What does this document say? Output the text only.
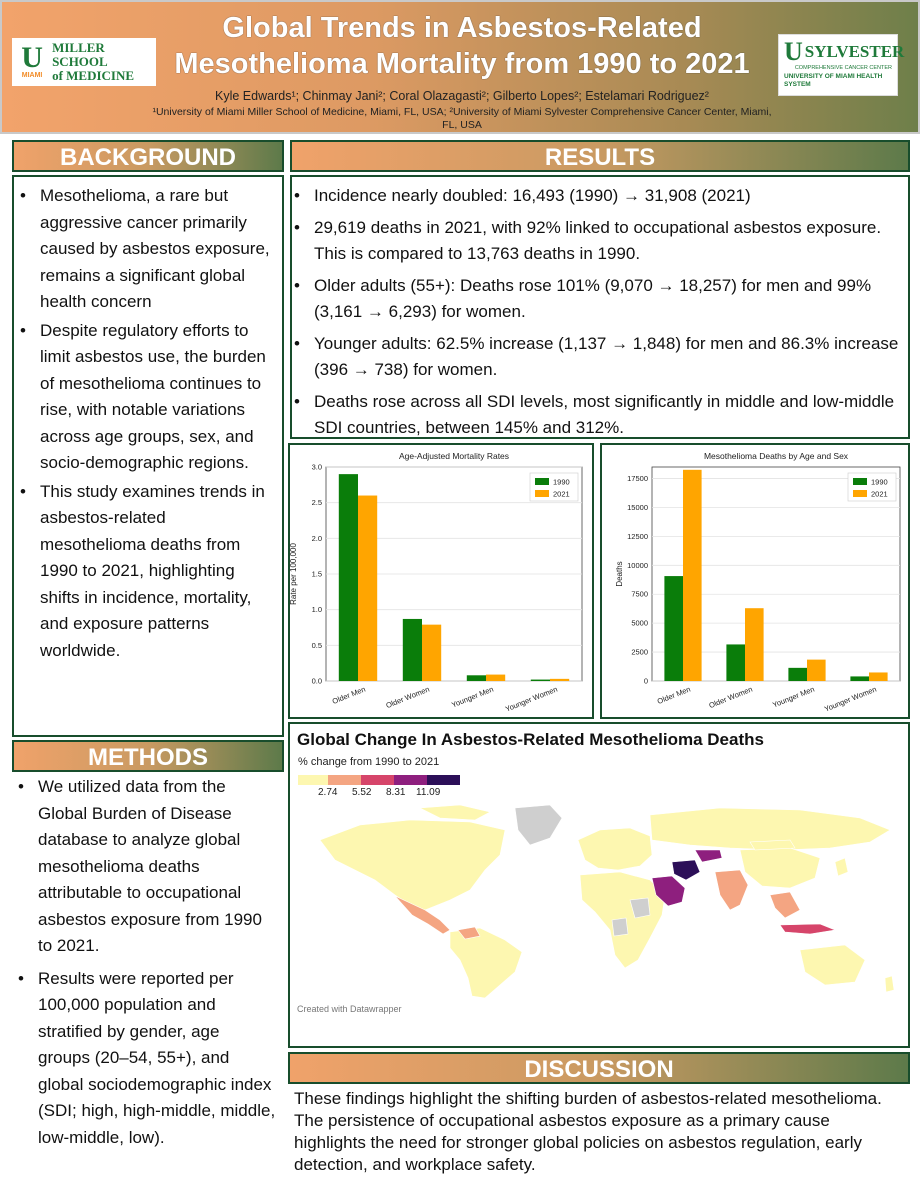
U
MIAMI
MILLER SCHOOL
of MEDICINE
Global Trends in Asbestos-Related
Mesothelioma Mortality from 1990 to 2021
Kyle Edwards¹; Chinmay Jani²; Coral Olazagasti²; Gilberto Lopes²; Estelamari Rodriguez²
¹University of Miami Miller School of Medicine, Miami, FL, USA; ²University of Miami Sylvester Comprehensive Cancer Center, Miami, FL, USA
U SYLVESTER
COMPREHENSIVE CANCER CENTER
UNIVERSITY OF MIAMI HEALTH SYSTEM
BACKGROUND
• Mesothelioma, a rare but aggressive cancer primarily caused by asbestos exposure, remains a significant global health concern
• Despite regulatory efforts to limit asbestos use, the burden of mesothelioma continues to rise, with notable variations across age groups, sex, and socio-demographic regions.
• This study examines trends in asbestos-related mesothelioma deaths from 1990 to 2021, highlighting shifts in incidence, mortality, and exposure patterns worldwide.
METHODS
• We utilized data from the Global Burden of Disease database to analyze global mesothelioma deaths attributable to occupational asbestos exposure from 1990 to 2021.
• Results were reported per 100,000 population and stratified by gender, age groups (20–54, 55+), and global sociodemographic index (SDI; high, high-middle, middle, low-middle, low).
RESULTS
• Incidence nearly doubled: 16,493 (1990) → 31,908 (2021)
• 29,619 deaths in 2021, with 92% linked to occupational asbestos exposure. This is compared to 13,763 deaths in 1990.
• Older adults (55+): Deaths rose 101% (9,070 → 18,257) for men and 99% (3,161 → 6,293) for women.
• Younger adults: 62.5% increase (1,137 → 1,848) for men and 86.3% increase (396 → 738) for women.
• Deaths rose across all SDI levels, most significantly in middle and low-middle SDI countries, between 145% and 312%.
Age-Adjusted Mortality Rates
0.0
0.5
1.0
1.5
2.0
2.5
3.0
Rate per 100,000
Older Men Older Women	Younger Men Younger Women
1990
2021
Mesothelioma Deaths by Age and Sex
0
2500
5000
7500
10000
12500
15000
17500
Deaths
Older Men Older Women Younger Men Younger Women
1990
2021
Global Change In Asbestos-Related Mesothelioma Deaths
% change from 1990 to 2021
2.74 5.52 8.31 11.09
Created with Datawrapper
DISCUSSION
These findings highlight the shifting burden of asbestos-related mesothelioma. The persistence of occupational asbestos exposure as a primary cause highlights the need for stronger global policies on asbestos regulation, early detection, and workplace safety.
